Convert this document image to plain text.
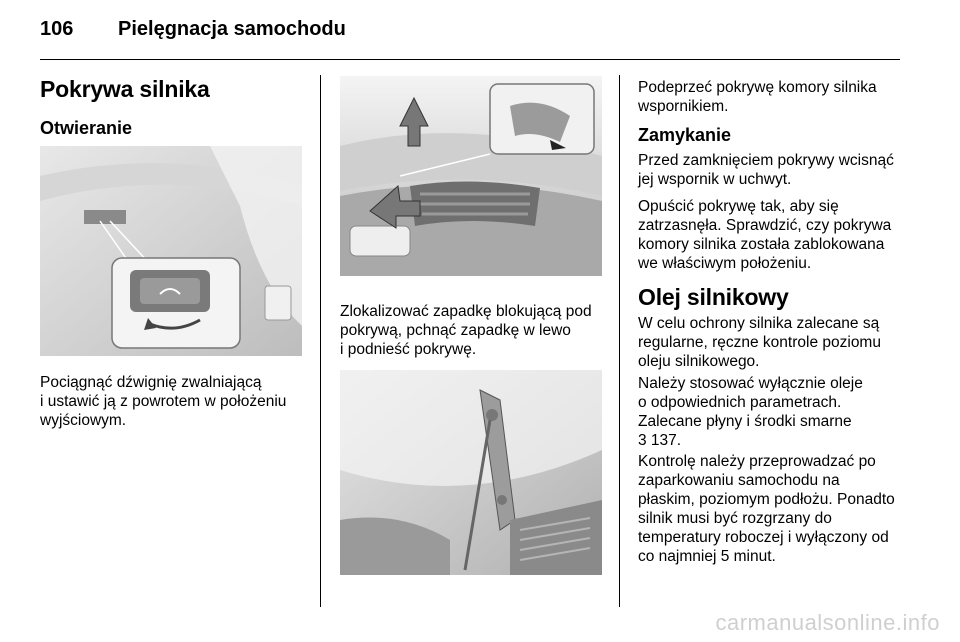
106 Pielęgnacja samochodu
Pokrywa silnika
Otwieranie
Pociągnąć dźwignię zwalniającą
i ustawić ją z powrotem w położeniu
wyjściowym.
Zlokalizować zapadkę blokującą pod
pokrywą, pchnąć zapadkę w lewo
i podnieść pokrywę.
Podeprzeć pokrywę komory silnika
wspornikiem.
Zamykanie
Przed zamknięciem pokrywy wcisnąć
jej wspornik w uchwyt.
Opuścić pokrywę tak, aby się
zatrzasnęła. Sprawdzić, czy pokrywa
komory silnika została zablokowana
we właściwym położeniu.
Olej silnikowy
W celu ochrony silnika zalecane są
regularne, ręczne kontrole poziomu
oleju silnikowego.
Należy stosować wyłącznie oleje
o odpowiednich parametrach.
Zalecane płyny i środki smarne
3 137.
Kontrolę należy przeprowadzać po
zaparkowaniu samochodu na
płaskim, poziomym podłożu. Ponadto
silnik musi być rozgrzany do
temperatury roboczej i wyłączony od
co najmniej 5 minut.
carmanualsonline.info
